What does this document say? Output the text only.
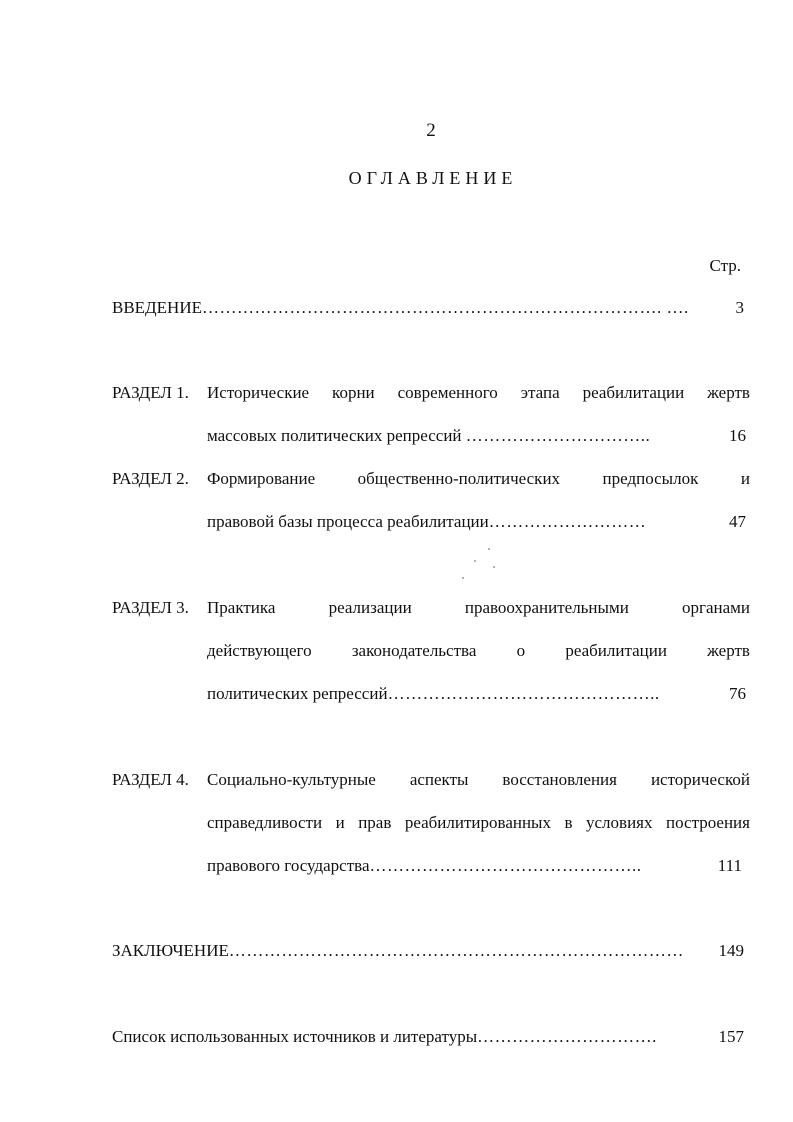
2
ОГЛАВЛЕНИЕ
Стр.
ВВЕДЕНИЕ……………………………………………………………………. ….	3
РАЗДЕЛ 1. Исторические корни современного этапа реабилитации жертв
массовых политических репрессий …………………………..	16
РАЗДЕЛ 2. Формирование	общественно-политических	предпосылок	и
правовой базы процесса реабилитации………………………	47
РАЗДЕЛ 3. Практика	реализации	правоохранительными	органами
действующего законодательства о реабилитации жертв
политических репрессий………………………………………..	76
РАЗДЕЛ 4. Социально-культурные аспекты восстановления исторической
справедливости и прав реабилитированных в условиях построения
правового государства………………………………………..	111
ЗАКЛЮЧЕНИЕ……………………………………………………………………	149
Список использованных источников и литературы………………………….	157
